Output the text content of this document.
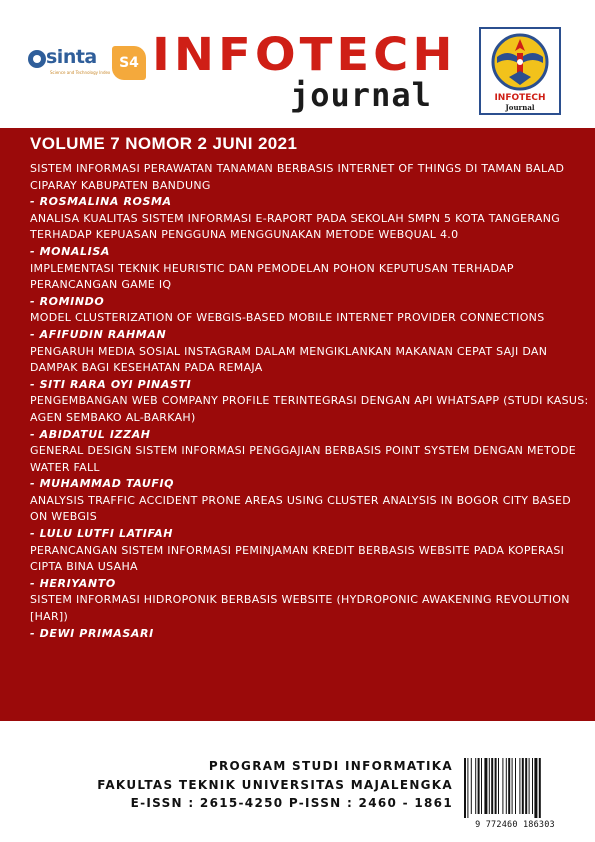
sinta
Science and Technology Index
S4 INFOTECH
journal	INFOTECH
Journal
VOLUME 7 NOMOR 2 JUNI 2021
SISTEM INFORMASI PERAWATAN TANAMAN BERBASIS INTERNET OF THINGS DI TAMAN BALAD CIPARAY KABUPATEN BANDUNG
- ROSMALINA ROSMA
ANALISA KUALITAS SISTEM INFORMASI E-RAPORT PADA SEKOLAH SMPN 5 KOTA TANGERANG TERHADAP KEPUASAN PENGGUNA MENGGUNAKAN METODE WEBQUAL 4.0
- MONALISA
IMPLEMENTASI TEKNIK HEURISTIC DAN PEMODELAN POHON KEPUTUSAN TERHADAP PERANCANGAN GAME IQ
- ROMINDO
MODEL CLUSTERIZATION OF WEBGIS-BASED MOBILE INTERNET PROVIDER CONNECTIONS
- AFIFUDIN RAHMAN
PENGARUH MEDIA SOSIAL INSTAGRAM DALAM MENGIKLANKAN MAKANAN CEPAT SAJI DAN DAMPAK BAGI KESEHATAN PADA REMAJA
- SITI RARA OYI PINASTI
PENGEMBANGAN WEB COMPANY PROFILE TERINTEGRASI DENGAN API WHATSAPP (STUDI KASUS: AGEN SEMBAKO AL-BARKAH)
- ABIDATUL IZZAH
GENERAL DESIGN SISTEM INFORMASI PENGGAJIAN BERBASIS POINT SYSTEM DENGAN METODE WATER FALL
- MUHAMMAD TAUFIQ
ANALYSIS TRAFFIC ACCIDENT PRONE AREAS USING CLUSTER ANALYSIS IN BOGOR CITY BASED ON WEBGIS
- LULU LUTFI LATIFAH
PERANCANGAN SISTEM INFORMASI PEMINJAMAN KREDIT BERBASIS WEBSITE PADA KOPERASI CIPTA BINA USAHA
- HERIYANTO
SISTEM INFORMASI HIDROPONIK BERBASIS WEBSITE (HYDROPONIC AWAKENING REVOLUTION [HAR])
- DEWI PRIMASARI
PROGRAM STUDI INFORMATIKA
FAKULTAS TEKNIK UNIVERSITAS MAJALENGKA
E-ISSN : 2615-4250 P-ISSN : 2460 - 1861
9 772460 186303
